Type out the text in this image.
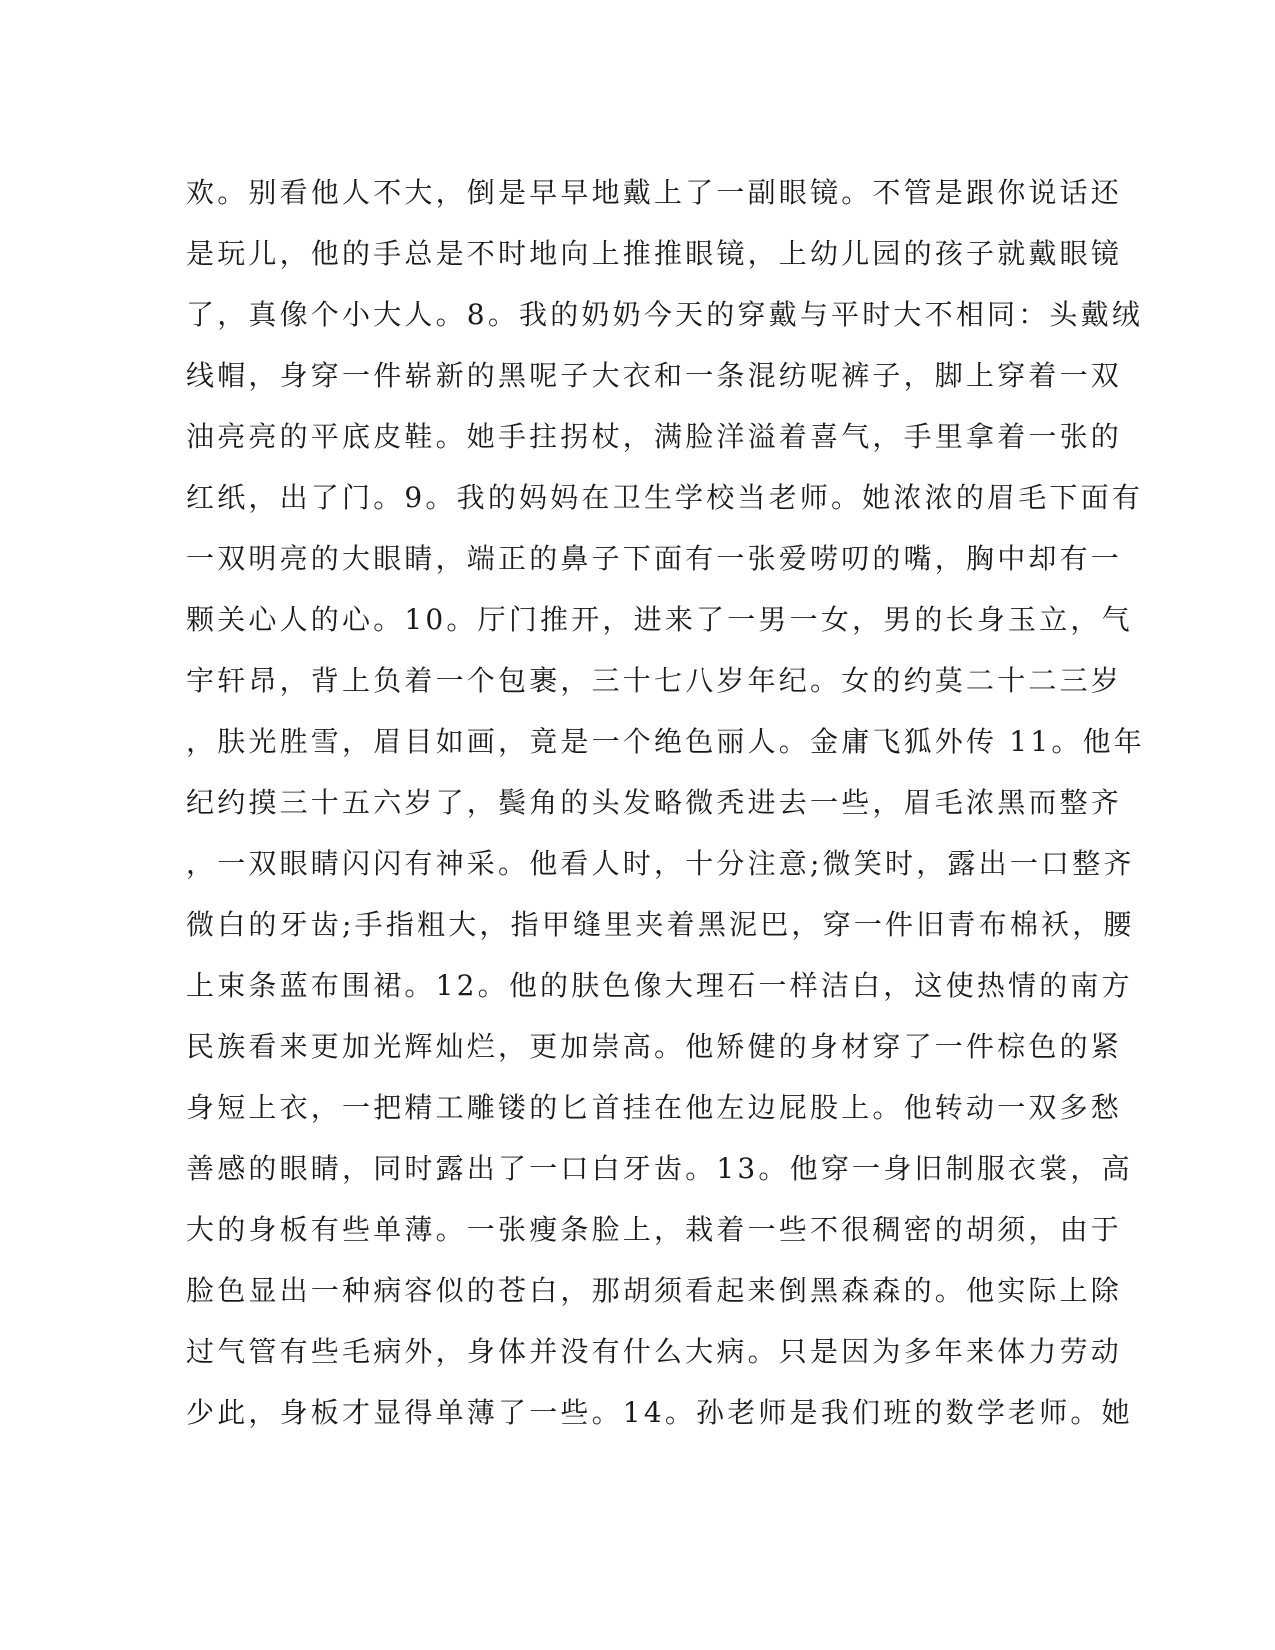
欢。别看他人不大，倒是早早地戴上了一副眼镜。不管是跟你说话还
是玩儿，他的手总是不时地向上推推眼镜，上幼儿园的孩子就戴眼镜
了，真像个小大人。8。我的奶奶今天的穿戴与平时大不相同：头戴绒
线帽，身穿一件崭新的黑呢子大衣和一条混纺呢裤子，脚上穿着一双
油亮亮的平底皮鞋。她手拄拐杖，满脸洋溢着喜气，手里拿着一张的
红纸，出了门。9。我的妈妈在卫生学校当老师。她浓浓的眉毛下面有
一双明亮的大眼睛，端正的鼻子下面有一张爱唠叨的嘴，胸中却有一
颗关心人的心。10。厅门推开，进来了一男一女，男的长身玉立，气
宇轩昂，背上负着一个包裹，三十七八岁年纪。女的约莫二十二三岁
，肤光胜雪，眉目如画，竟是一个绝色丽人。金庸飞狐外传 11。他年
纪约摸三十五六岁了，鬓角的头发略微秃进去一些，眉毛浓黑而整齐
，一双眼睛闪闪有神采。他看人时，十分注意;微笑时，露出一口整齐
微白的牙齿;手指粗大，指甲缝里夹着黑泥巴，穿一件旧青布棉袄，腰
上束条蓝布围裙。12。他的肤色像大理石一样洁白，这使热情的南方
民族看来更加光辉灿烂，更加崇高。他矫健的身材穿了一件棕色的紧
身短上衣，一把精工雕镂的匕首挂在他左边屁股上。他转动一双多愁
善感的眼睛，同时露出了一口白牙齿。13。他穿一身旧制服衣裳，高
大的身板有些单薄。一张瘦条脸上，栽着一些不很稠密的胡须，由于
脸色显出一种病容似的苍白，那胡须看起来倒黑森森的。他实际上除
过气管有些毛病外，身体并没有什么大病。只是因为多年来体力劳动
少此，身板才显得单薄了一些。14。孙老师是我们班的数学老师。她
